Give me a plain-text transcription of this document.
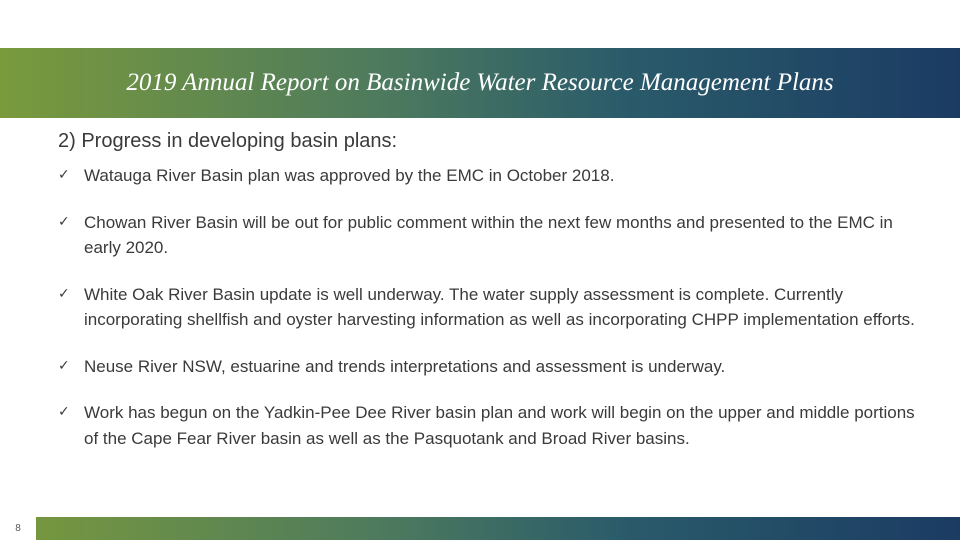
2019 Annual Report on Basinwide Water Resource Management Plans
2) Progress in developing basin plans:
✓ Watauga River Basin plan was approved by the EMC in October 2018.
✓ Chowan River Basin will be out for public comment within the next few months and presented to the EMC in early 2020.
✓ White Oak River Basin update is well underway. The water supply assessment is complete. Currently incorporating shellfish and oyster harvesting information as well as incorporating CHPP implementation efforts.
✓ Neuse River NSW, estuarine and trends interpretations and assessment is underway.
✓ Work has begun on the Yadkin-Pee Dee River basin plan and work will begin on the upper and middle portions of the Cape Fear River basin as well as the Pasquotank and Broad River basins.
8
